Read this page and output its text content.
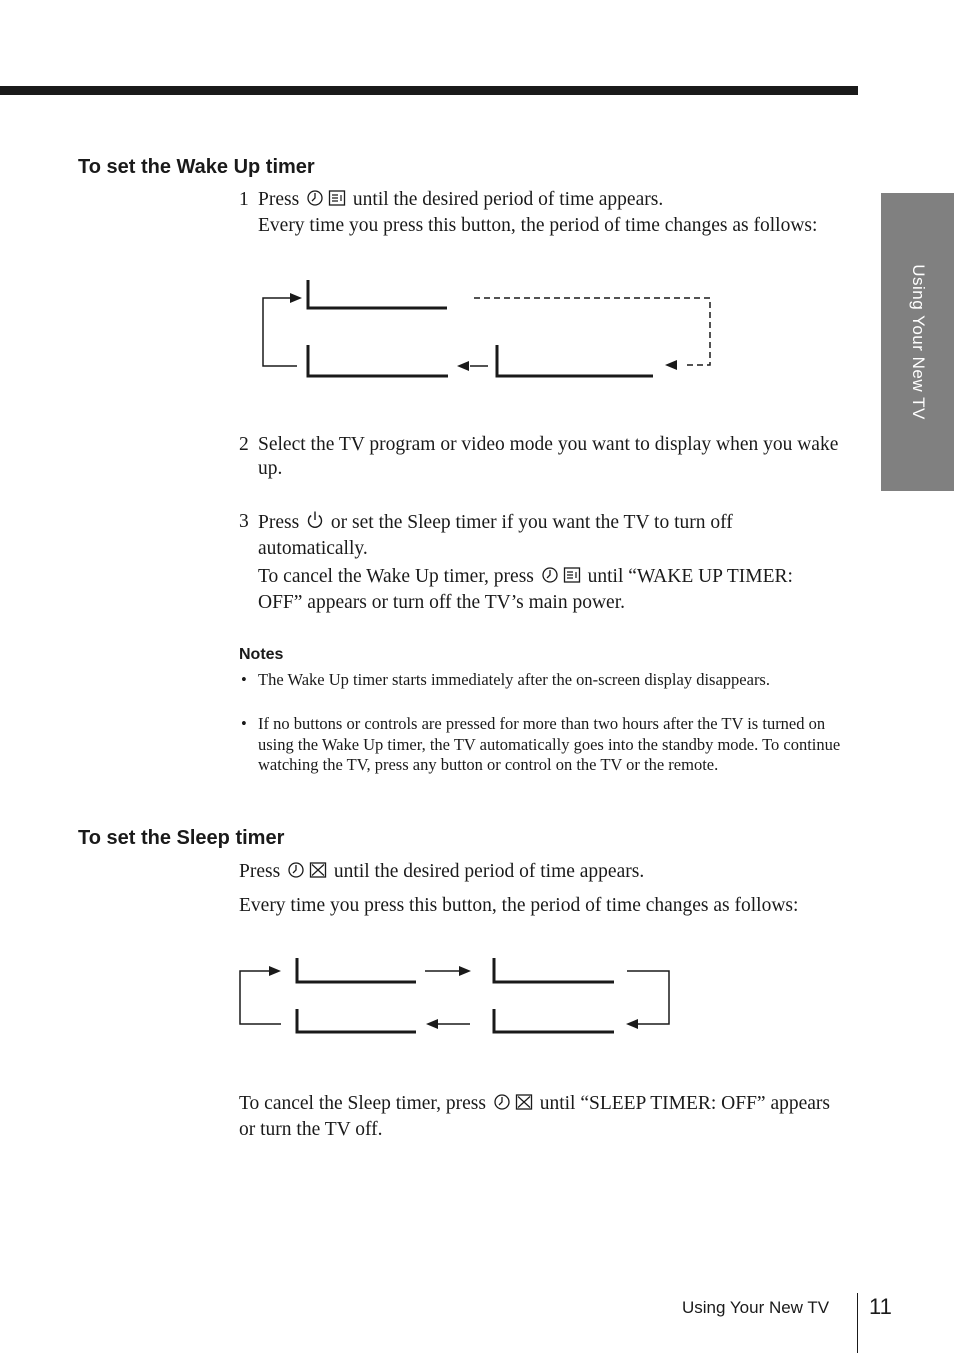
Using Your New TV
To set the Wake Up timer
1 Press	until the desired period of time appears.
Every time you press this button, the period of time changes as follows:
2 Select the TV program or video mode you want to display when you wake up.
3 Press or set the Sleep timer if you want the TV to turn off automatically.
To cancel the Wake Up timer, press	until “WAKE UP TIMER: OFF” appears or turn off the TV’s main power.

Notes

• The Wake Up timer starts immediately after the on-screen display disappears.
• If no buttons or controls are pressed for more than two hours after the TV is turned on using the Wake Up timer, the TV automatically goes into the standby mode. To continue watching the TV, press any button or control on the TV or the remote.
To set the Sleep timer
Press	until the desired period of time appears.
Every time you press this button, the period of time changes as follows:
To cancel the Sleep timer, press	until “SLEEP TIMER: OFF” appears or turn the TV off.

Using Your New TV 11
